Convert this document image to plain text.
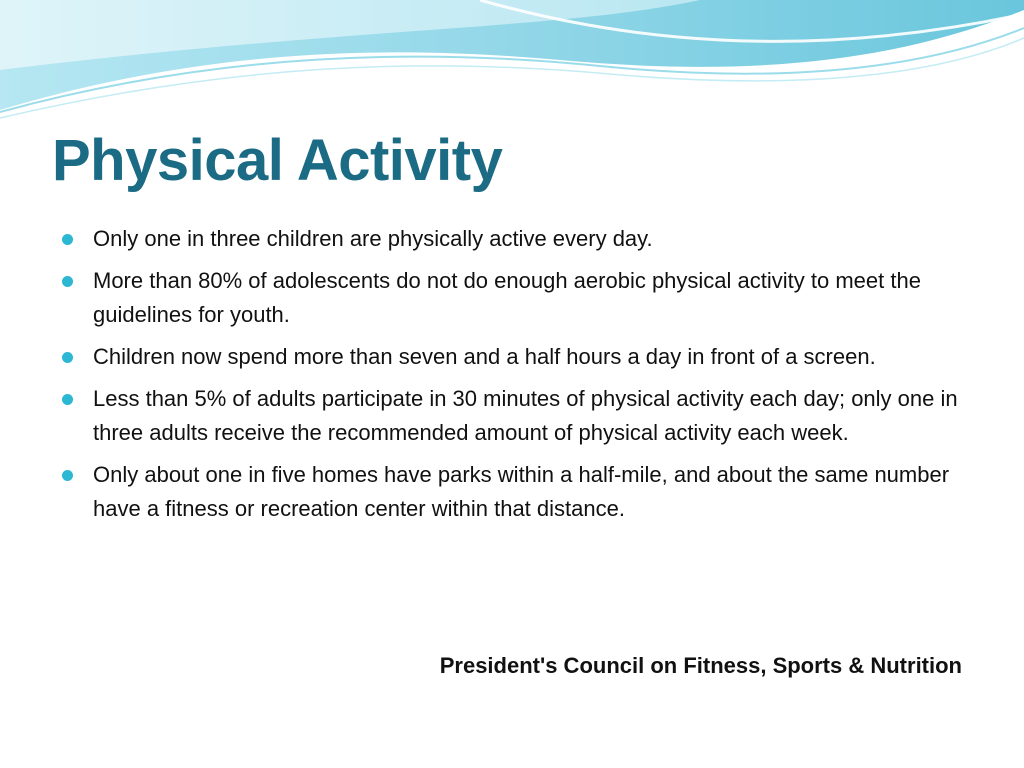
Physical Activity
Only one in three children are physically active every day.
More than 80% of adolescents do not do enough aerobic physical activity to meet the guidelines for youth.
Children now spend more than seven and a half hours a day in front of a screen.
Less than 5% of adults participate in 30 minutes of physical activity each day; only one in three adults receive the recommended amount of physical activity each week.
Only about one in five homes have parks within a half-mile, and about the same number have a fitness or recreation center within that distance.

President's Council on Fitness, Sports & Nutrition
